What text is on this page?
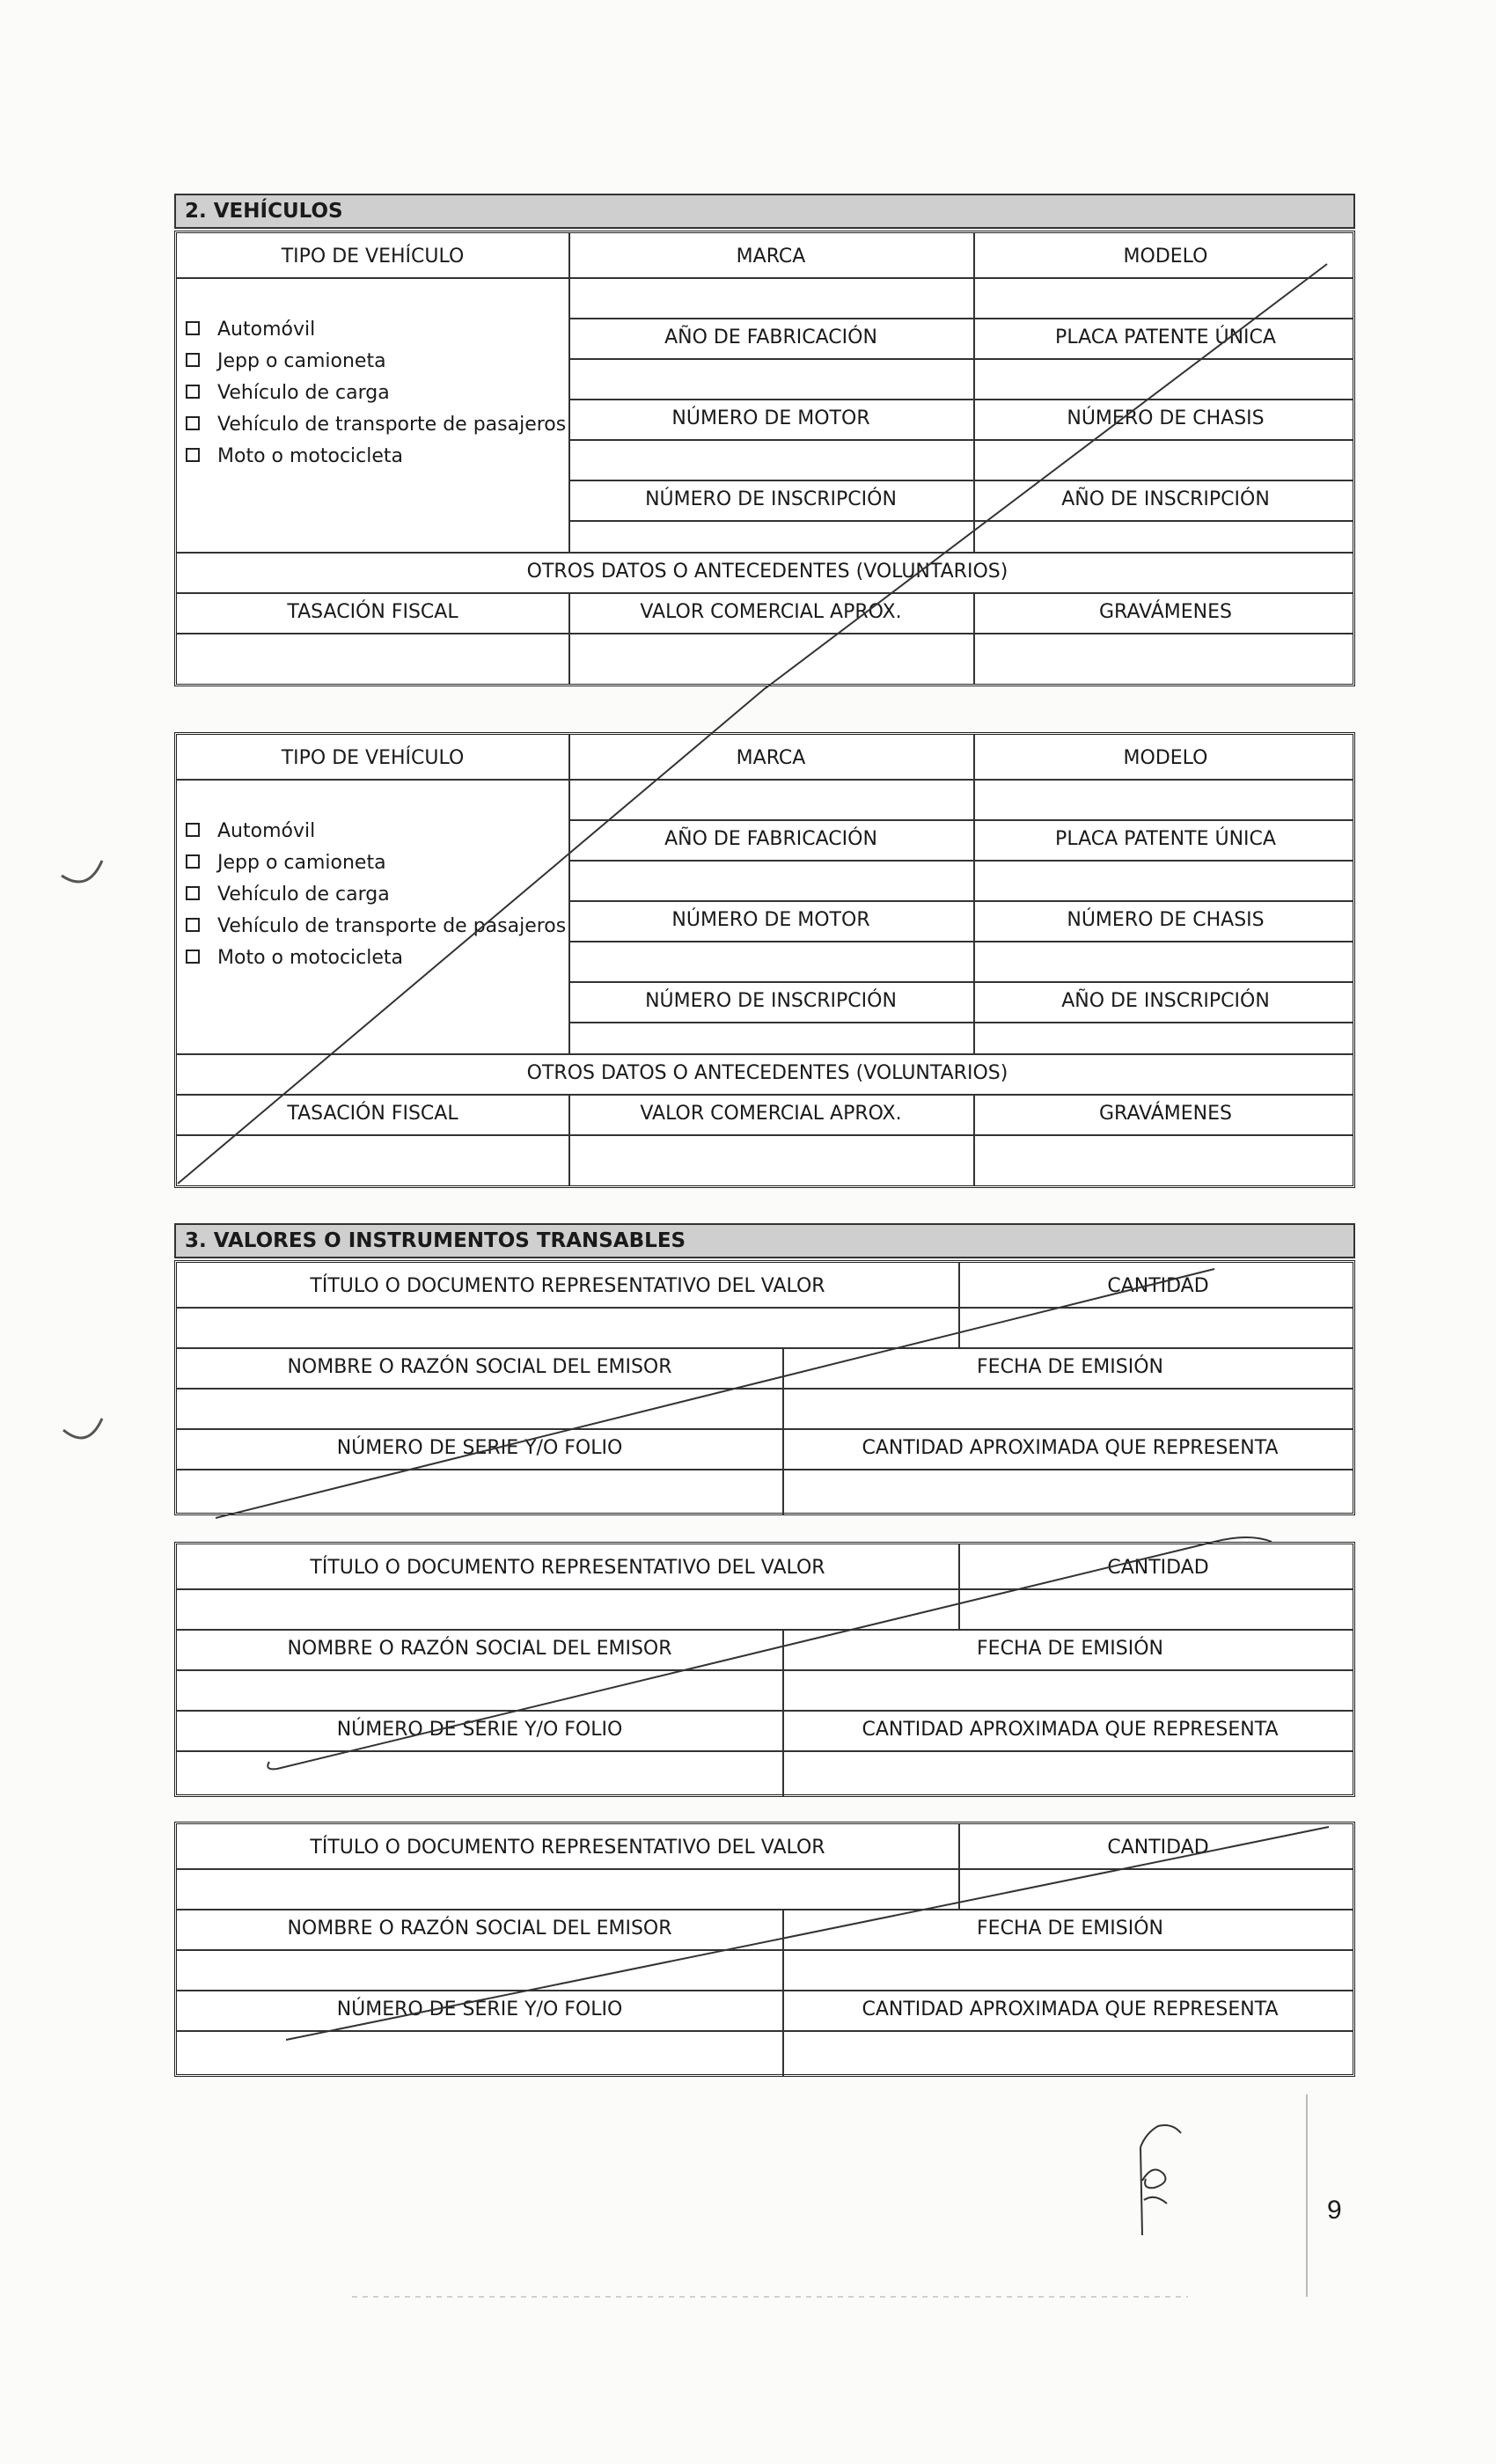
2. VEHÍCULOS
TIPO DE VEHÍCULO	MARCA	MODELO
Automóvil
Jepp o camioneta
Vehículo de carga
Vehículo de transporte de pasajeros
Moto o motocicleta
AÑO DE FABRICACIÓN	PLACA PATENTE ÚNICA
NÚMERO DE MOTOR	NÚMERO DE CHASIS
NÚMERO DE INSCRIPCIÓN	AÑO DE INSCRIPCIÓN
OTROS DATOS O ANTECEDENTES (VOLUNTARIOS)
TASACIÓN FISCAL	VALOR COMERCIAL APROX.	GRAVÁMENES
TIPO DE VEHÍCULO	MARCA	MODELO
Automóvil
Jepp o camioneta
Vehículo de carga
Vehículo de transporte de pasajeros
Moto o motocicleta
AÑO DE FABRICACIÓN	PLACA PATENTE ÚNICA
NÚMERO DE MOTOR	NÚMERO DE CHASIS
NÚMERO DE INSCRIPCIÓN	AÑO DE INSCRIPCIÓN
OTROS DATOS O ANTECEDENTES (VOLUNTARIOS)
TASACIÓN FISCAL	VALOR COMERCIAL APROX.	GRAVÁMENES
3. VALORES O INSTRUMENTOS TRANSABLES
TÍTULO O DOCUMENTO REPRESENTATIVO DEL VALOR	CANTIDAD
NOMBRE O RAZÓN SOCIAL DEL EMISOR	FECHA DE EMISIÓN
NÚMERO DE SERIE Y/O FOLIO	CANTIDAD APROXIMADA QUE REPRESENTA
TÍTULO O DOCUMENTO REPRESENTATIVO DEL VALOR	CANTIDAD
NOMBRE O RAZÓN SOCIAL DEL EMISOR	FECHA DE EMISIÓN
NÚMERO DE SERIE Y/O FOLIO	CANTIDAD APROXIMADA QUE REPRESENTA
TÍTULO O DOCUMENTO REPRESENTATIVO DEL VALOR	CANTIDAD
NOMBRE O RAZÓN SOCIAL DEL EMISOR	FECHA DE EMISIÓN
NÚMERO DE SERIE Y/O FOLIO	CANTIDAD APROXIMADA QUE REPRESENTA
9
